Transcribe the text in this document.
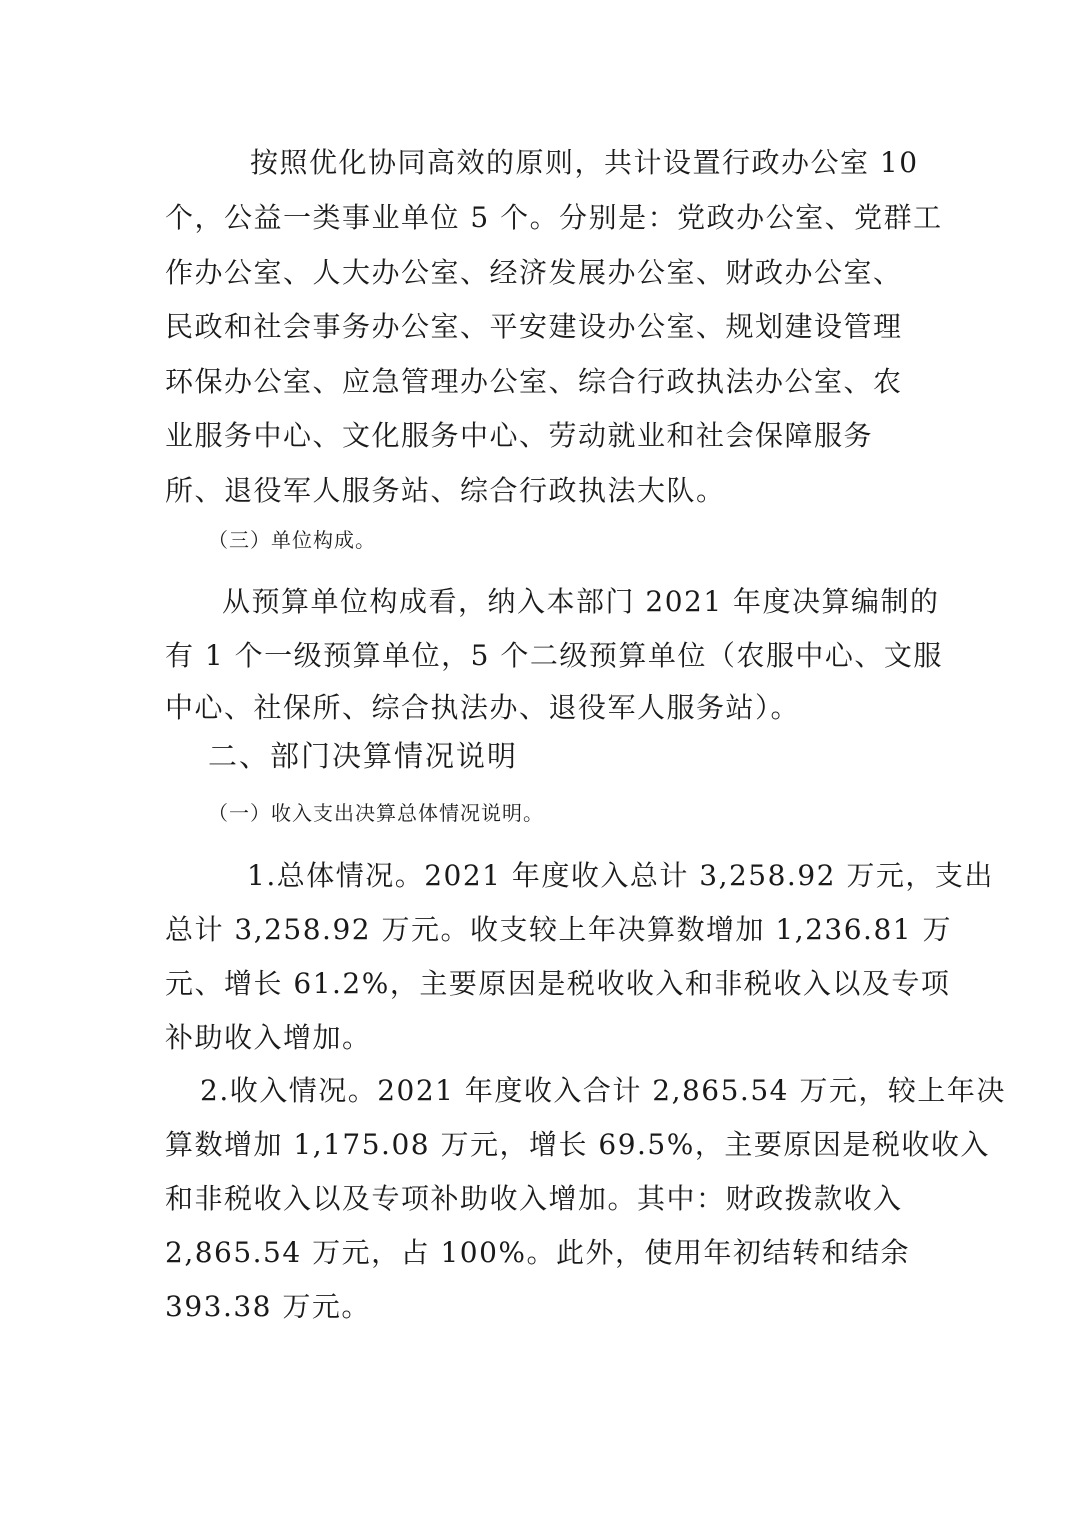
按照优化协同高效的原则，共计设置行政办公室 10
个，公益一类事业单位 5 个。分别是：党政办公室、党群工
作办公室、人大办公室、经济发展办公室、财政办公室、
民政和社会事务办公室、平安建设办公室、规划建设管理
环保办公室、应急管理办公室、综合行政执法办公室、农
业服务中心、文化服务中心、劳动就业和社会保障服务
所、退役军人服务站、综合行政执法大队。
（三）单位构成。
从预算单位构成看，纳入本部门 2021 年度决算编制的
有 1 个一级预算单位，5 个二级预算单位（农服中心、文服
中心、社保所、综合执法办、退役军人服务站）。
二、部门决算情况说明
（一）收入支出决算总体情况说明。
1.总体情况。2021 年度收入总计 3,258.92 万元，支出
总计 3,258.92 万元。收支较上年决算数增加 1,236.81 万
元、增长 61.2%，主要原因是税收收入和非税收入以及专项
补助收入增加。
2.收入情况。2021 年度收入合计 2,865.54 万元，较上年决
算数增加 1,175.08 万元，增长 69.5%，主要原因是税收收入
和非税收入以及专项补助收入增加。其中：财政拨款收入
2,865.54 万元，占 100%。此外，使用年初结转和结余
393.38 万元。
